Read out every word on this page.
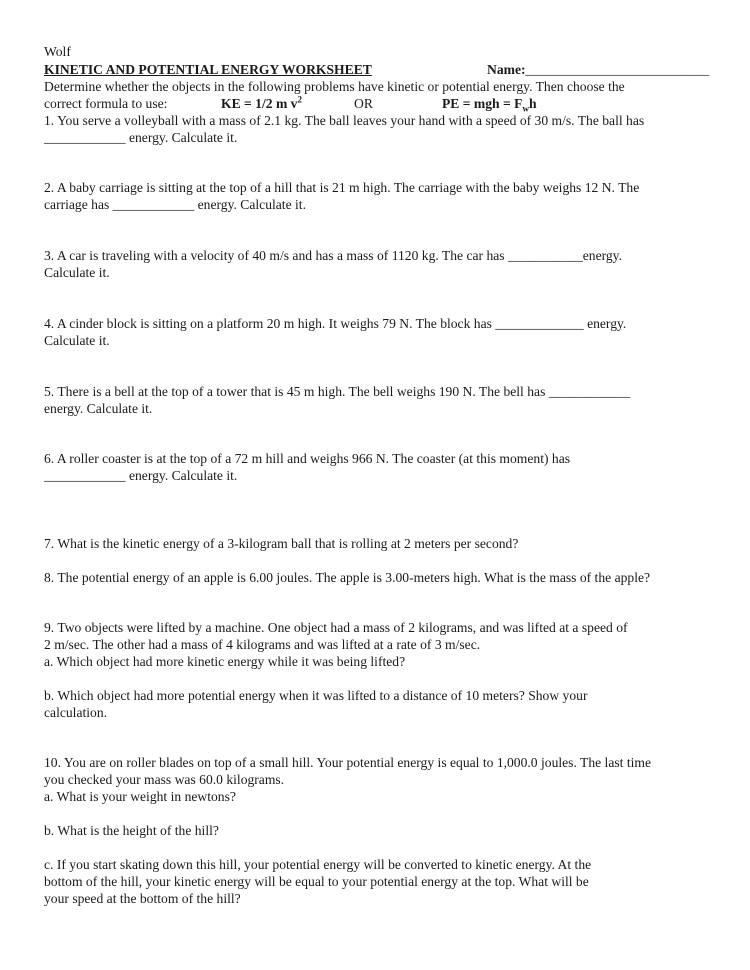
Wolf
KINETIC AND POTENTIAL ENERGY WORKSHEET	Name:___________________________
Determine whether the objects in the following problems have kinetic or potential energy. Then choose the
correct formula to use:	KE = 1/2 m $v^2$	OR	PE = mgh = $F_wh$
1. You serve a volleyball with a mass of 2.1 kg. The ball leaves your hand with a speed of 30 m/s. The ball has
____________ energy. Calculate it.
2. A baby carriage is sitting at the top of a hill that is 21 m high. The carriage with the baby weighs 12 N. The
carriage has ____________ energy. Calculate it.
3. A car is traveling with a velocity of 40 m/s and has a mass of 1120 kg. The car has ___________energy.
Calculate it.
4. A cinder block is sitting on a platform 20 m high. It weighs 79 N. The block has _____________ energy.
Calculate it.
5. There is a bell at the top of a tower that is 45 m high. The bell weighs 190 N. The bell has ____________
energy. Calculate it.
6. A roller coaster is at the top of a 72 m hill and weighs 966 N. The coaster (at this moment) has
____________ energy. Calculate it.
7. What is the kinetic energy of a 3-kilogram ball that is rolling at 2 meters per second?
8. The potential energy of an apple is 6.00 joules. The apple is 3.00-meters high. What is the mass of the apple?
9. Two objects were lifted by a machine. One object had a mass of 2 kilograms, and was lifted at a speed of
2 m/sec. The other had a mass of 4 kilograms and was lifted at a rate of 3 m/sec.
a. Which object had more kinetic energy while it was being lifted?
b. Which object had more potential energy when it was lifted to a distance of 10 meters? Show your
calculation.
10. You are on roller blades on top of a small hill. Your potential energy is equal to 1,000.0 joules. The last time
you checked your mass was 60.0 kilograms.
a. What is your weight in newtons?
b. What is the height of the hill?
c. If you start skating down this hill, your potential energy will be converted to kinetic energy. At the
bottom of the hill, your kinetic energy will be equal to your potential energy at the top. What will be
your speed at the bottom of the hill?
